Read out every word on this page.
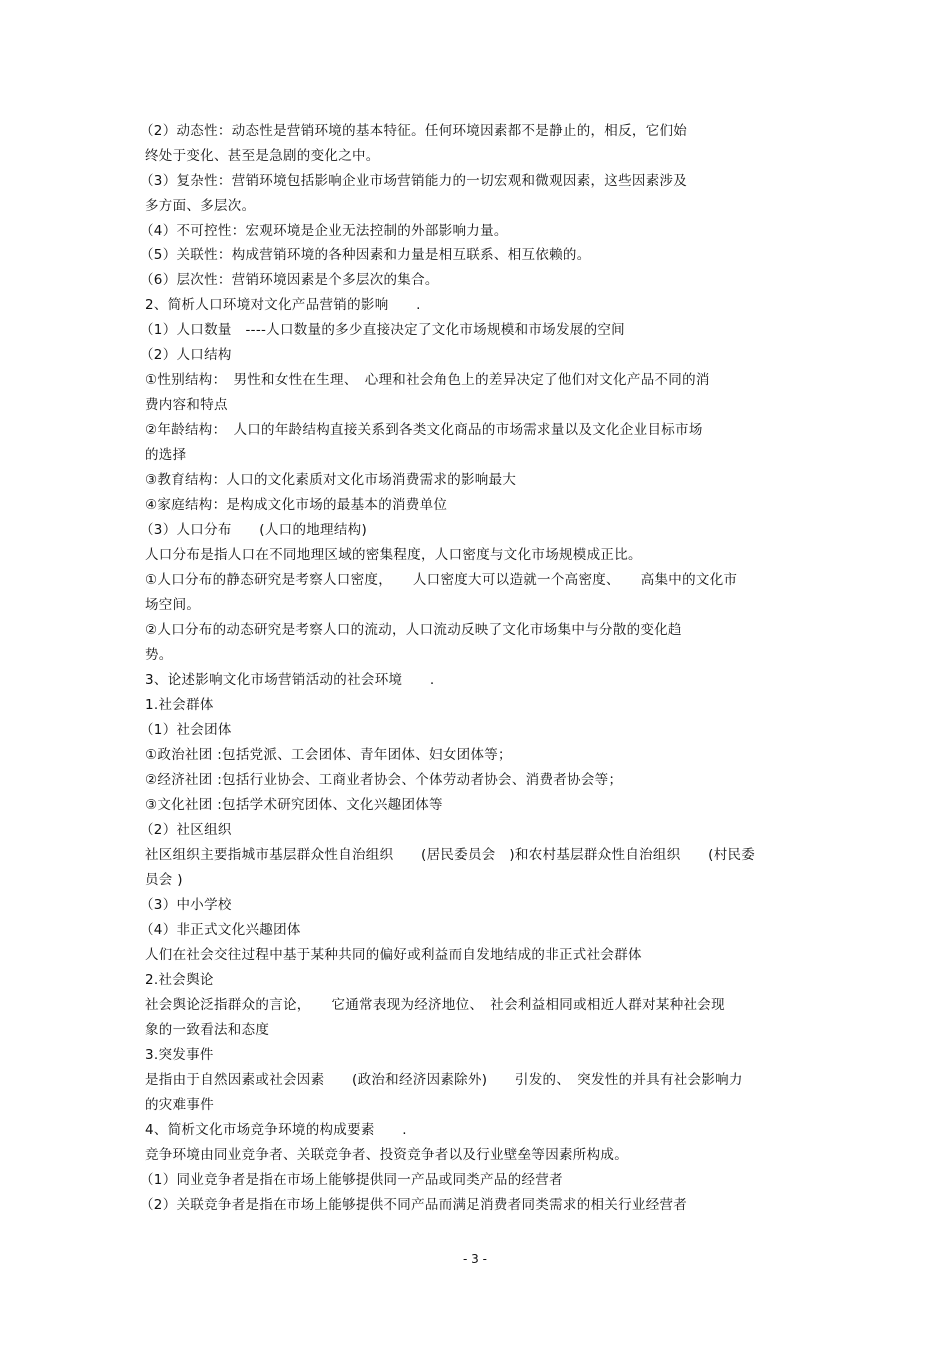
（2）动态性：动态性是营销环境的基本特征。任何环境因素都不是静止的，相反，它们始
终处于变化、甚至是急剧的变化之中。
（3）复杂性：营销环境包括影响企业市场营销能力的一切宏观和微观因素，这些因素涉及
多方面、多层次。
（4）不可控性：宏观环境是企业无法控制的外部影响力量。
（5）关联性：构成营销环境的各种因素和力量是相互联系、相互依赖的。
（6）层次性：营销环境因素是个多层次的集合。
2、简析人口环境对文化产品营销的影响　　.
（1）人口数量　----人口数量的多少直接决定了文化市场规模和市场发展的空间
（2）人口结构
①性别结构：　男性和女性在生理、　心理和社会角色上的差异决定了他们对文化产品不同的消
费内容和特点
②年龄结构：　人口的年龄结构直接关系到各类文化商品的市场需求量以及文化企业目标市场
的选择
③教育结构：人口的文化素质对文化市场消费需求的影响最大
④家庭结构：是构成文化市场的最基本的消费单位
（3）人口分布　　(人口的地理结构)
人口分布是指人口在不同地理区域的密集程度，人口密度与文化市场规模成正比。
①人口分布的静态研究是考察人口密度，　　人口密度大可以造就一个高密度、　　高集中的文化市
场空间。
②人口分布的动态研究是考察人口的流动，人口流动反映了文化市场集中与分散的变化趋
势。
3、论述影响文化市场营销活动的社会环境　　.
1.社会群体
（1）社会团体
①政治社团 :包括党派、工会团体、青年团体、妇女团体等；
②经济社团 :包括行业协会、工商业者协会、个体劳动者协会、消费者协会等；
③文化社团 :包括学术研究团体、文化兴趣团体等
（2）社区组织
社区组织主要指城市基层群众性自治组织　　(居民委员会　)和农村基层群众性自治组织　　(村民委
员会 )
（3）中小学校
（4）非正式文化兴趣团体
人们在社会交往过程中基于某种共同的偏好或利益而自发地结成的非正式社会群体
2.社会舆论
社会舆论泛指群众的言论，　　它通常表现为经济地位、　社会利益相同或相近人群对某种社会现
象的一致看法和态度
3.突发事件
是指由于自然因素或社会因素　　(政治和经济因素除外)　　引发的、　突发性的并具有社会影响力
的灾难事件
4、简析文化市场竞争环境的构成要素　　.
竞争环境由同业竞争者、关联竞争者、投资竞争者以及行业壁垒等因素所构成。
（1）同业竞争者是指在市场上能够提供同一产品或同类产品的经营者
（2）关联竞争者是指在市场上能够提供不同产品而满足消费者同类需求的相关行业经营者
- 3 -
